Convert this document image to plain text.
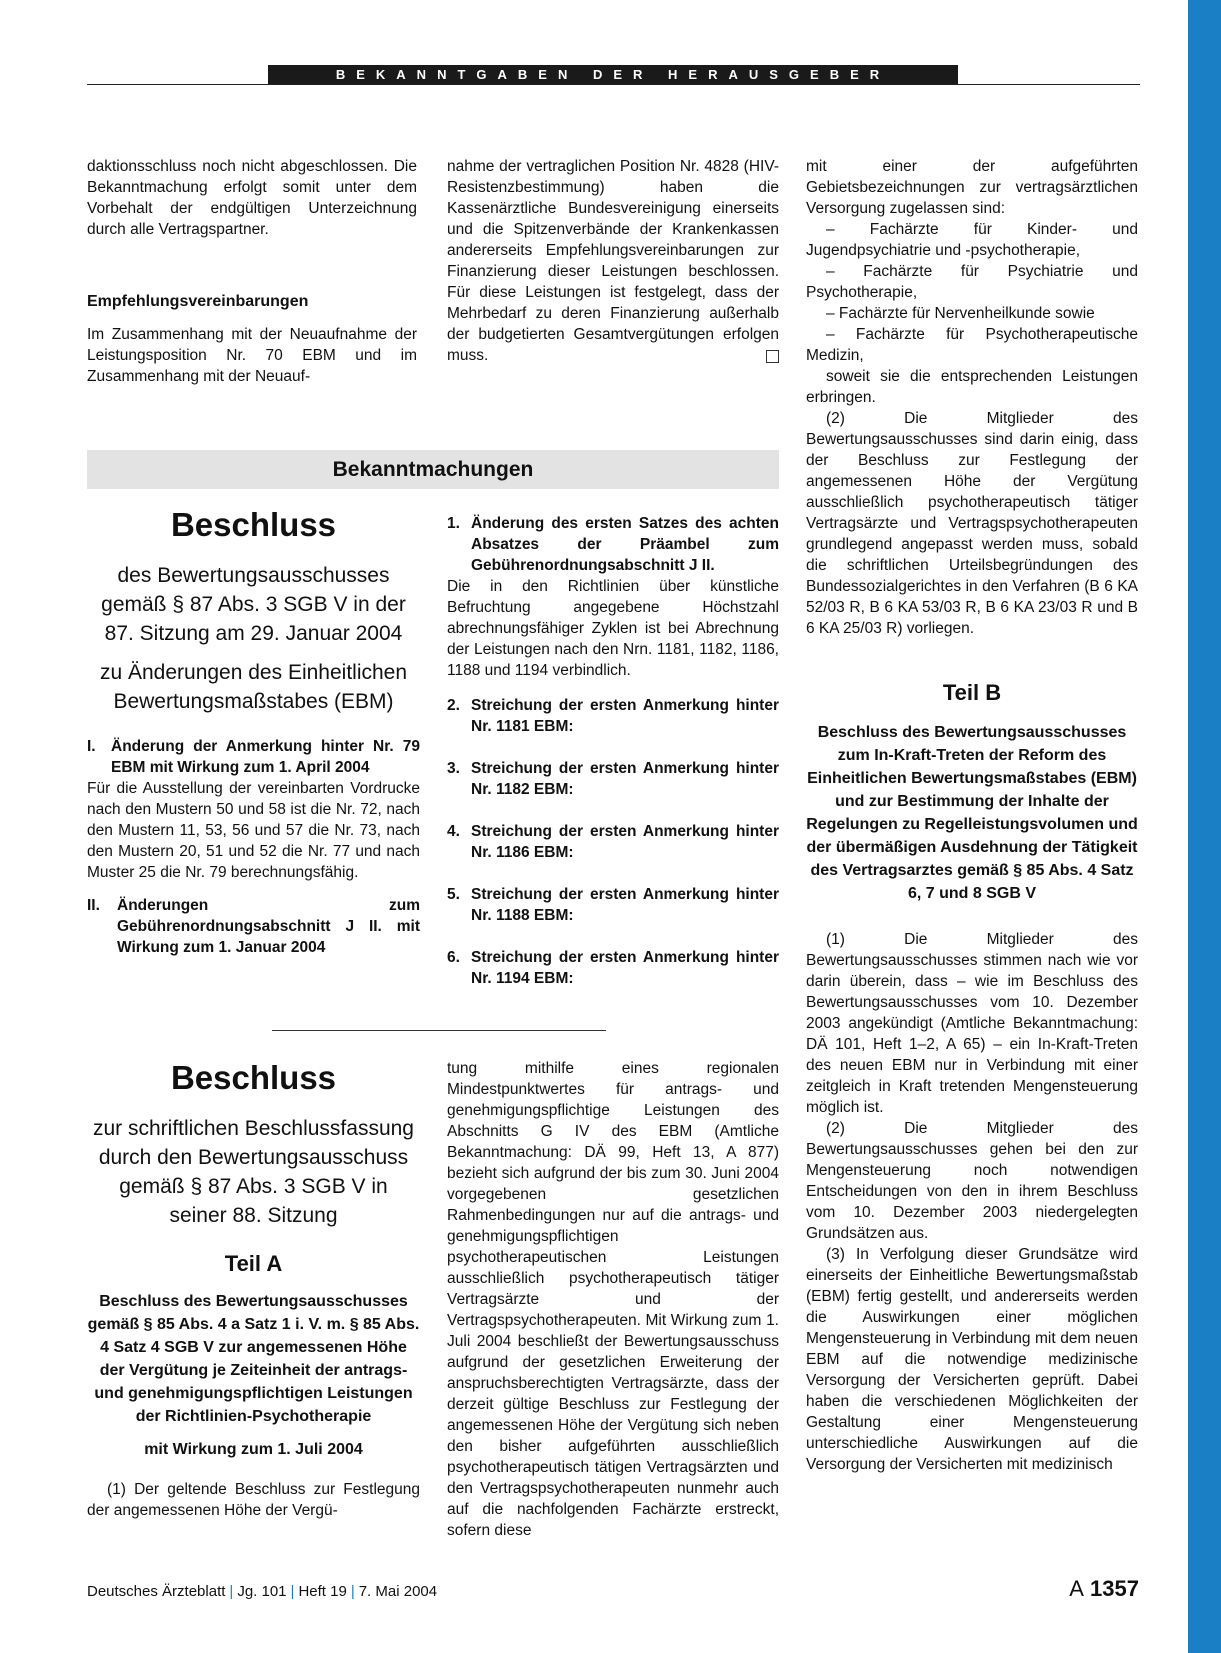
BEKANNTGABEN DER HERAUSGEBER

daktionsschluss noch nicht abgeschlossen. Die Bekanntmachung erfolgt somit unter dem Vorbehalt der endgültigen Unterzeichnung durch alle Vertragspartner.

Empfehlungsvereinbarungen

Im Zusammenhang mit der Neuaufnahme der Leistungsposition Nr. 70 EBM und im Zusammenhang mit der Neuauf-

nahme der vertraglichen Position Nr. 4828 (HIV-Resistenzbestimmung) haben die Kassenärztliche Bundesvereinigung einerseits und die Spitzenverbände der Krankenkassen andererseits Empfehlungsvereinbarungen zur Finanzierung dieser Leistungen beschlossen. Für diese Leistungen ist festgelegt, dass der Mehrbedarf zu deren Finanzierung außerhalb der budgetierten Gesamtvergütungen erfolgen muss.

mit einer der aufgeführten Gebietsbezeichnungen zur vertragsärztlichen Versorgung zugelassen sind:

– Fachärzte für Kinder- und Jugendpsychiatrie und -psychotherapie,

– Fachärzte für Psychiatrie und Psychotherapie,

– Fachärzte für Nervenheilkunde sowie

– Fachärzte für Psychotherapeutische Medizin,

soweit sie die entsprechenden Leistungen erbringen.

(2) Die Mitglieder des Bewertungsausschusses sind darin einig, dass der Beschluss zur Festlegung der angemessenen Höhe der Vergütung ausschließlich psychotherapeutisch tätiger Vertragsärzte und Vertragspsychotherapeuten grundlegend angepasst werden muss, sobald die schriftlichen Urteilsbegründungen des Bundessozialgerichtes in den Verfahren (B 6 KA 52/03 R, B 6 KA 53/03 R, B 6 KA 23/03 R und B 6 KA 25/03 R) vorliegen.

Teil B

Beschluss des Bewertungsausschusses zum In-Kraft-Treten der Reform des Einheitlichen Bewertungsmaßstabes (EBM) und zur Bestimmung der Inhalte der Regelungen zu Regelleistungsvolumen und der übermäßigen Ausdehnung der Tätigkeit des Vertragsarztes gemäß § 85 Abs. 4 Satz 6, 7 und 8 SGB V

(1) Die Mitglieder des Bewertungsausschusses stimmen nach wie vor darin überein, dass – wie im Beschluss des Bewertungsausschusses vom 10. Dezember 2003 angekündigt (Amtliche Bekanntmachung: DÄ 101, Heft 1–2, A 65) – ein In-Kraft-Treten des neuen EBM nur in Verbindung mit einer zeitgleich in Kraft tretenden Mengensteuerung möglich ist.

(2) Die Mitglieder des Bewertungsausschusses gehen bei den zur Mengensteuerung noch notwendigen Entscheidungen von den in ihrem Beschluss vom 10. Dezember 2003 niedergelegten Grundsätzen aus.

(3) In Verfolgung dieser Grundsätze wird einerseits der Einheitliche Bewertungsmaßstab (EBM) fertig gestellt, und andererseits werden die Auswirkungen einer möglichen Mengensteuerung in Verbindung mit dem neuen EBM auf die notwendige medizinische Versorgung der Versicherten geprüft. Dabei haben die verschiedenen Möglichkeiten der Gestaltung einer Mengensteuerung unterschiedliche Auswirkungen auf die Versorgung der Versicherten mit medizinisch

Bekanntmachungen

Beschluss

des Bewertungsausschusses gemäß § 87 Abs. 3 SGB V in der 87. Sitzung am 29. Januar 2004

zu Änderungen des Einheitlichen Bewertungsmaßstabes (EBM)

I. Änderung der Anmerkung hinter Nr. 79 EBM mit Wirkung zum 1. April 2004

Für die Ausstellung der vereinbarten Vordrucke nach den Mustern 50 und 58 ist die Nr. 72, nach den Mustern 11, 53, 56 und 57 die Nr. 73, nach den Mustern 20, 51 und 52 die Nr. 77 und nach Muster 25 die Nr. 79 berechnungsfähig.

II.	Änderungen zum Gebührenordnungsabschnitt J II. mit Wirkung zum 1. Januar 2004
1. Änderung des ersten Satzes des achten Absatzes der Präambel zum Gebührenordnungsabschnitt J II.

Die in den Richtlinien über künstliche Befruchtung angegebene Höchstzahl abrechnungsfähiger Zyklen ist bei Abrechnung der Leistungen nach den Nrn. 1181, 1182, 1186, 1188 und 1194 verbindlich.

2. Streichung der ersten Anmerkung hinter Nr. 1181 EBM:
3. Streichung der ersten Anmerkung hinter Nr. 1182 EBM:
4. Streichung der ersten Anmerkung hinter Nr. 1186 EBM:
5. Streichung der ersten Anmerkung hinter Nr. 1188 EBM:
6. Streichung der ersten Anmerkung hinter Nr. 1194 EBM:

Beschluss

zur schriftlichen Beschlussfassung durch den Bewertungsausschuss gemäß § 87 Abs. 3 SGB V in seiner 88. Sitzung

Teil A

Beschluss des Bewertungsausschusses gemäß § 85 Abs. 4 a Satz 1 i. V. m. § 85 Abs. 4 Satz 4 SGB V zur angemessenen Höhe der Vergütung je Zeiteinheit der antrags- und genehmigungspflichtigen Leistungen der Richtlinien-Psychotherapie

mit Wirkung zum 1. Juli 2004

(1) Der geltende Beschluss zur Festlegung der angemessenen Höhe der Vergü-

tung mithilfe eines regionalen Mindestpunktwertes für antrags- und genehmigungspflichtige Leistungen des Abschnitts G IV des EBM (Amtliche Bekanntmachung: DÄ 99, Heft 13, A 877) bezieht sich aufgrund der bis zum 30. Juni 2004 vorgegebenen gesetzlichen Rahmenbedingungen nur auf die antrags- und genehmigungspflichtigen psychotherapeutischen Leistungen ausschließlich psychotherapeutisch tätiger Vertragsärzte und der Vertragspsychotherapeuten. Mit Wirkung zum 1. Juli 2004 beschließt der Bewertungsausschuss aufgrund der gesetzlichen Erweiterung der anspruchsberechtigten Vertragsärzte, dass der derzeit gültige Beschluss zur Festlegung der angemessenen Höhe der Vergütung sich neben den bisher aufgeführten ausschließlich psychotherapeutisch tätigen Vertragsärzten und den Vertragspsychotherapeuten nunmehr auch auf die nachfolgenden Fachärzte erstreckt, sofern diese

Deutsches Ärzteblatt | Jg. 101 | Heft 19 | 7. Mai 2004	A 1357
